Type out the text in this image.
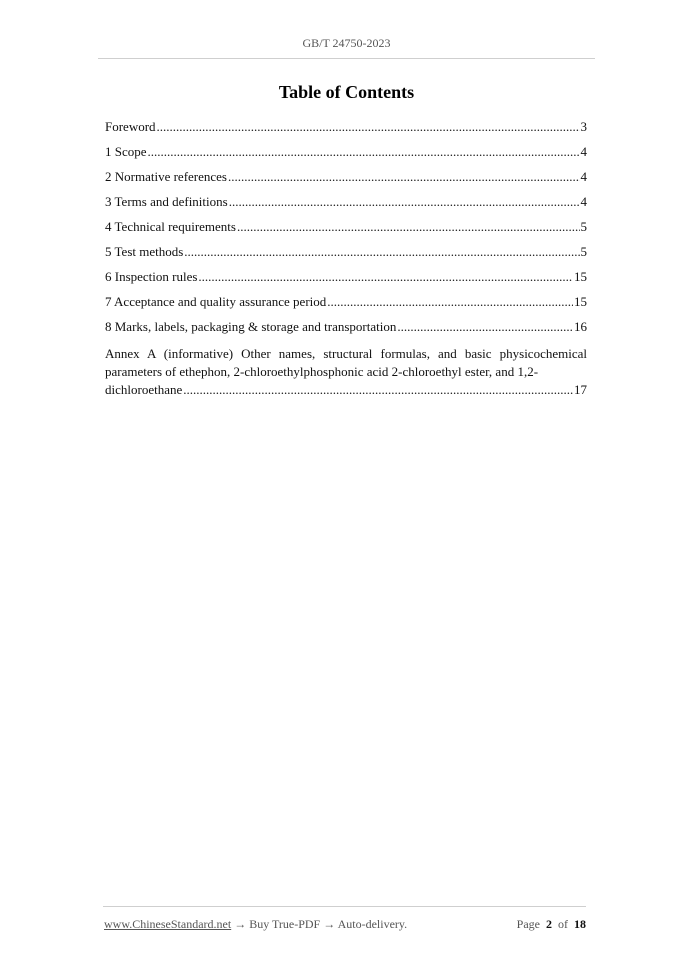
GB/T 24750-2023
Table of Contents
Foreword .....	3
1 Scope .....	4
2 Normative references .....	4
3 Terms and definitions .....	4
4 Technical requirements .....	5
5 Test methods .....	5
6 Inspection rules .....	15
7 Acceptance and quality assurance period .....	15
8 Marks, labels, packaging & storage and transportation .....	16
Annex A (informative) Other names, structural formulas, and basic physicochemical parameters of ethephon, 2-chloroethylphosphonic acid 2-chloroethyl ester, and 1,2-
dichloroethane .....	17
www.ChineseStandard.net → Buy True-PDF → Auto-delivery.	Page 2 of 18
